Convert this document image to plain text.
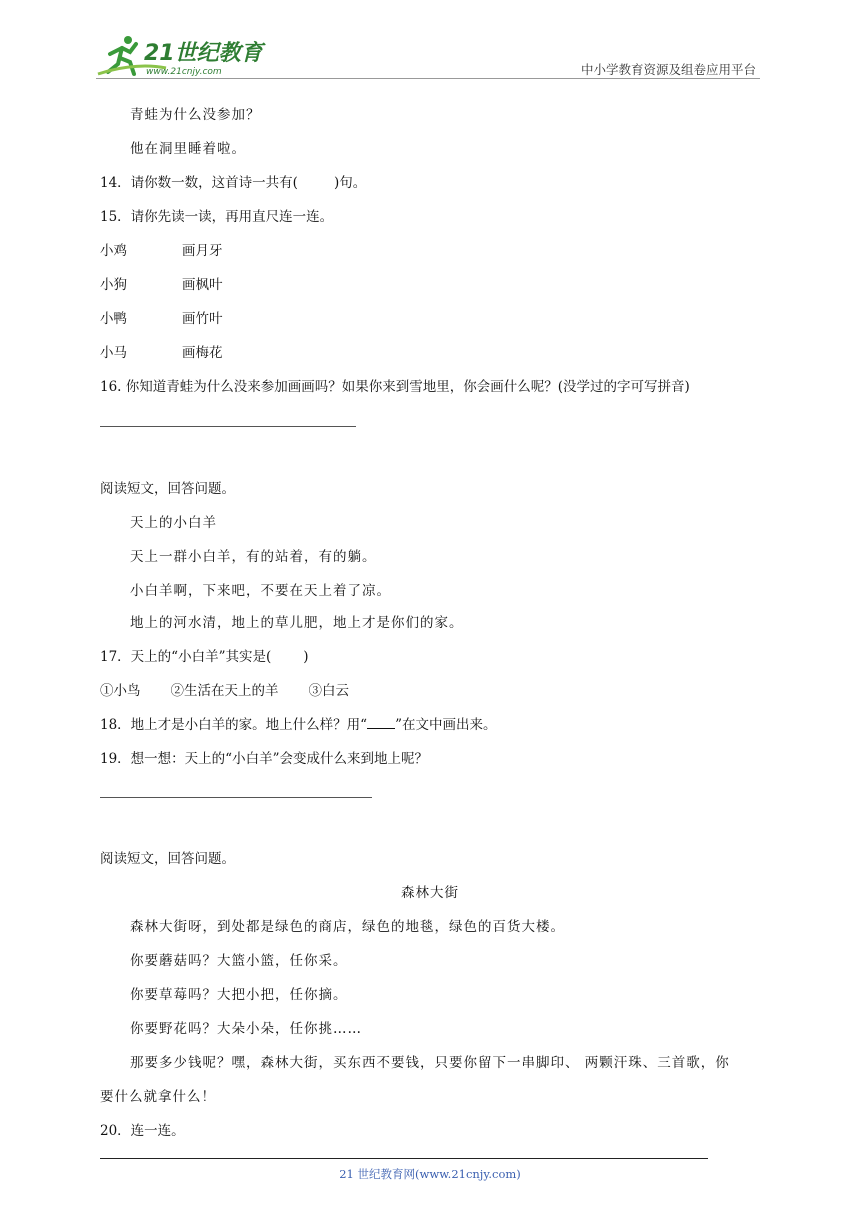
21世纪教育
www.21cnjy.com	中小学教育资源及组卷应用平台
青蛙为什么没参加？
他在洞里睡着啦。
14．请你数一数，这首诗一共有(	)句。
15．请你先读一读，再用直尺连一连。
小鸡	画月牙
小狗	画枫叶
小鸭	画竹叶
小马	画梅花
16. 你知道青蛙为什么没来参加画画吗？如果你来到雪地里，你会画什么呢？(没学过的字可写拼音)
阅读短文，回答问题。
天上的小白羊
天上一群小白羊，有的站着，有的躺。
小白羊啊，下来吧，不要在天上着了凉。
地上的河水清，地上的草儿肥，地上才是你们的家。
17．天上的“小白羊”其实是( )
①小鸟 ②生活在天上的羊 ③白云
18．地上才是小白羊的家。地上什么样？用“ ”在文中画出来。
19．想一想：天上的“小白羊”会变成什么来到地上呢？
阅读短文，回答问题。
森林大街
森林大街呀，到处都是绿色的商店，绿色的地毯，绿色的百货大楼。
你要蘑菇吗？大篮小篮，任你采。
你要草莓吗？大把小把，任你摘。
你要野花吗？大朵小朵，任你挑……
那要多少钱呢？嘿，森林大街，买东西不要钱，只要你留下一串脚印、 两颗汗珠、三首歌，你
要什么就拿什么！
20．连一连。
21 世纪教育网(www.21cnjy.com)
